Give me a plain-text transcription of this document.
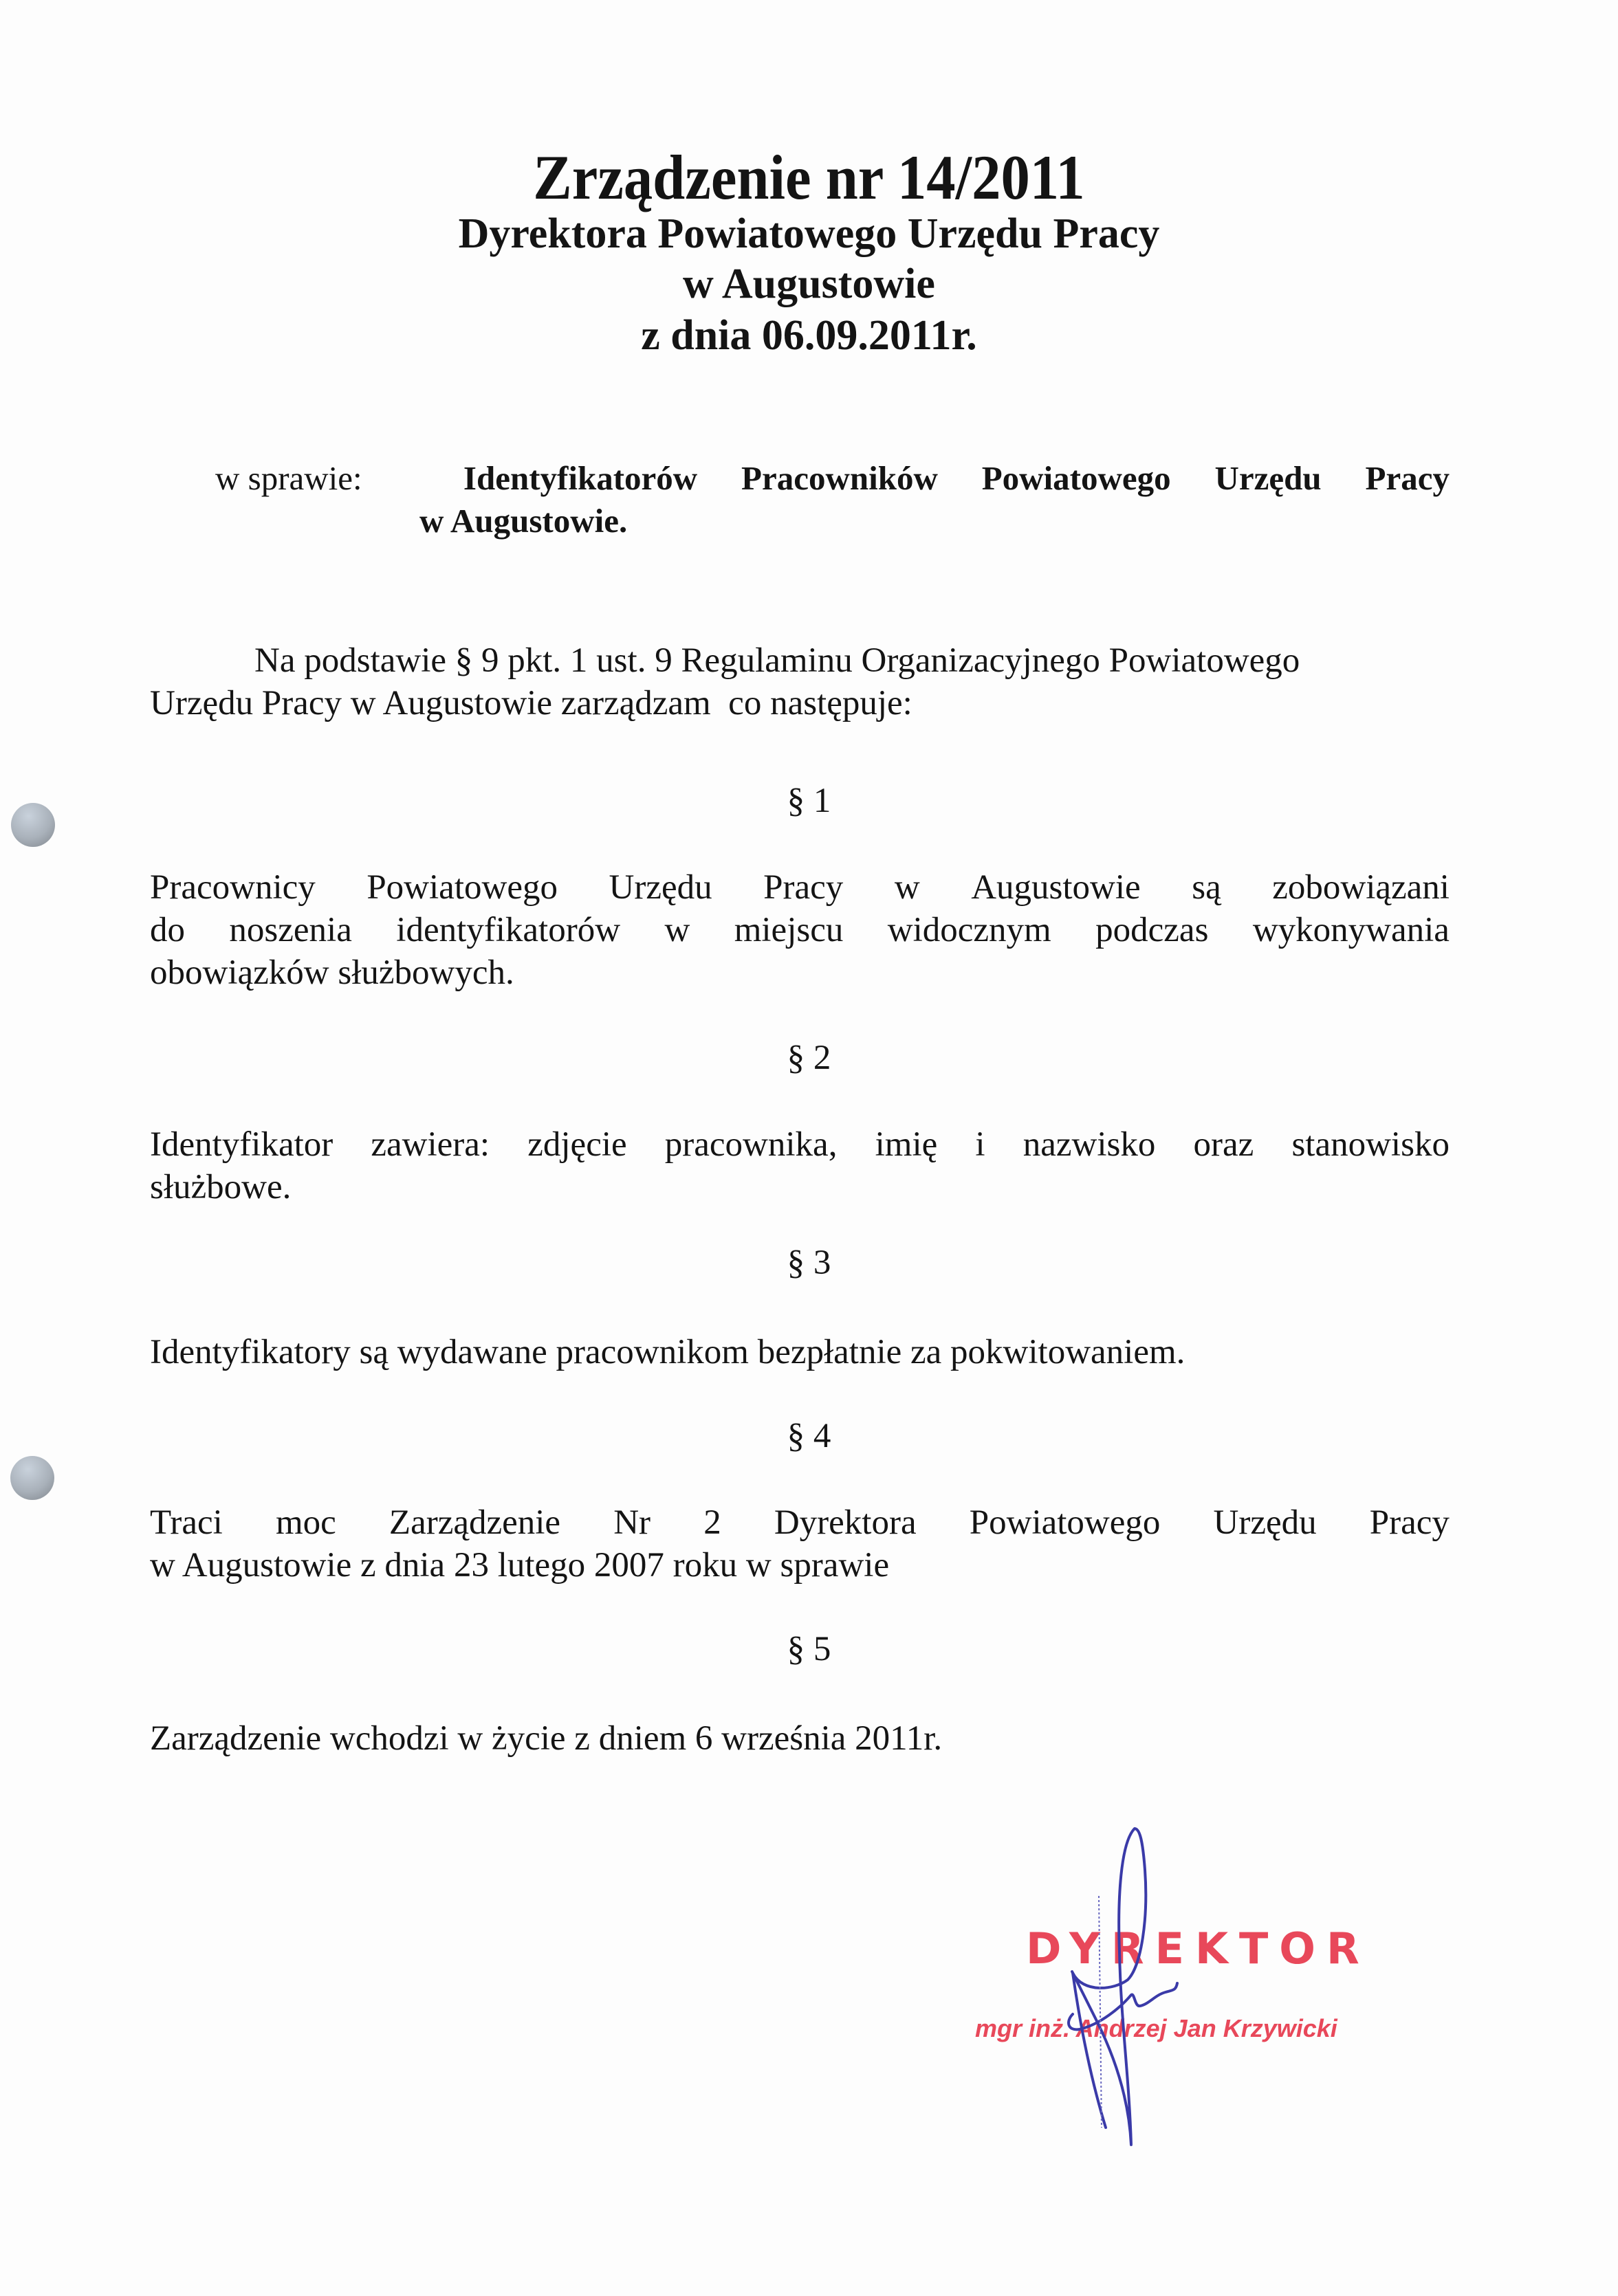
Zrządzenie nr 14/2011
Dyrektora Powiatowego Urzędu Pracy
w Augustowie
z dnia 06.09.2011r.
w sprawie:	Identyfikatorów Pracowników Powiatowego Urzędu Pracy
w Augustowie.
Na podstawie § 9 pkt. 1 ust. 9 Regulaminu Organizacyjnego Powiatowego
Urzędu Pracy w Augustowie zarządzam  co następuje:
§ 1
Pracownicy Powiatowego Urzędu Pracy w Augustowie są zobowiązani
do noszenia identyfikatorów w miejscu widocznym podczas wykonywania
obowiązków służbowych.
§ 2
Identyfikator zawiera: zdjęcie pracownika, imię i nazwisko oraz stanowisko
służbowe.
§ 3
Identyfikatory są wydawane pracownikom bezpłatnie za pokwitowaniem.
§ 4
Traci moc Zarządzenie Nr 2 Dyrektora Powiatowego Urzędu Pracy
w Augustowie z dnia 23 lutego 2007 roku w sprawie
§ 5
Zarządzenie wchodzi w życie z dniem 6 września 2011r.
DYREKTOR
mgr inż. Andrzej Jan Krzywicki
